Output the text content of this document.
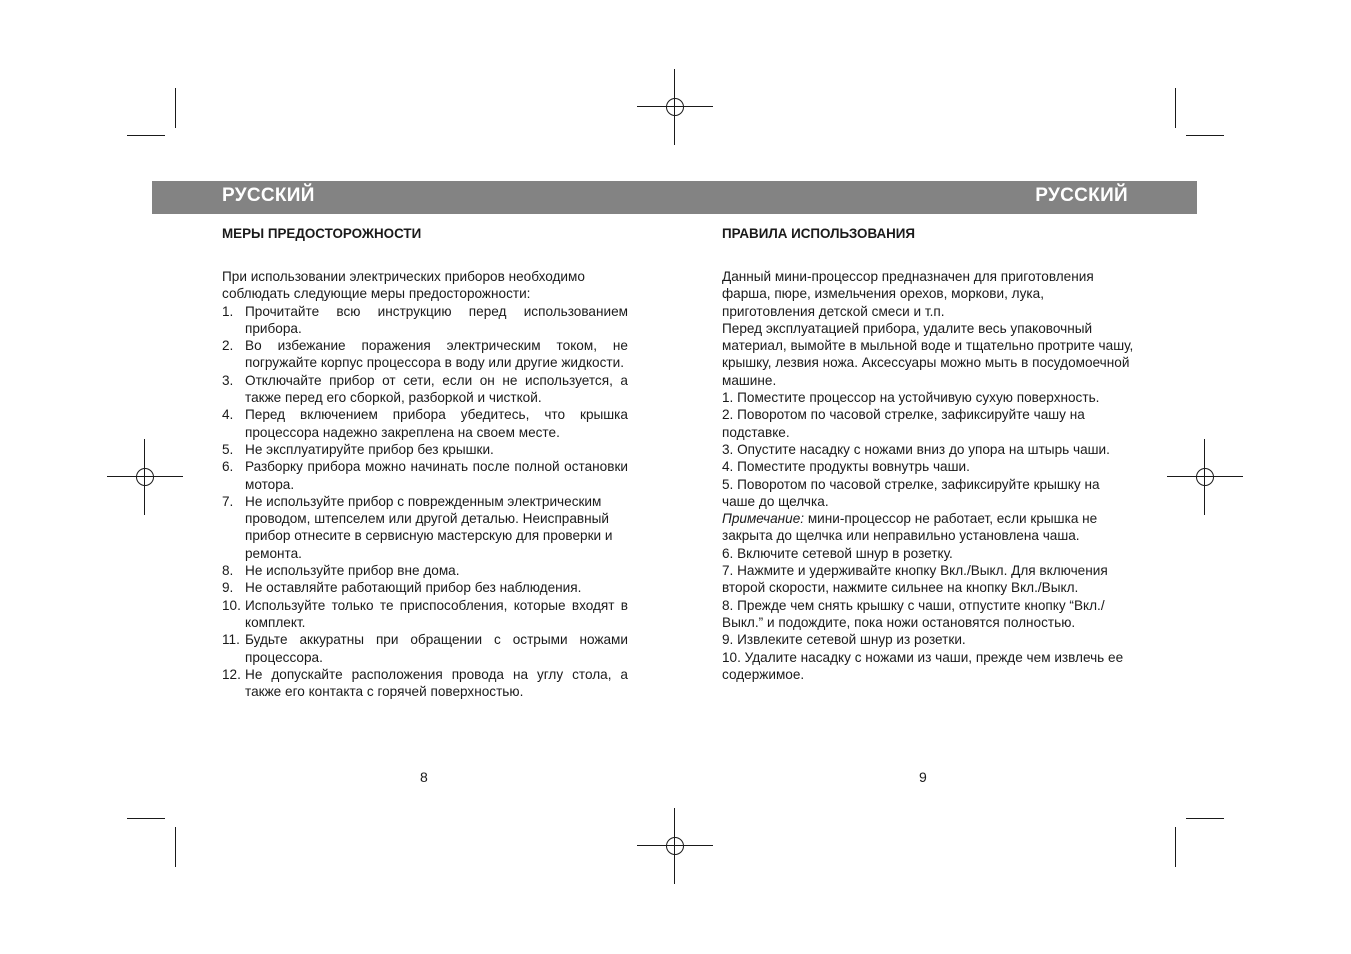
РУССКИЙ	РУССКИЙ
МЕРЫ ПРЕДОСТОРОЖНОСТИ

При использовании электрических приборов необходимо соблюдать следующие меры предосторожности:

1. Прочитайте всю инструкцию перед использованием прибора.
2. Во избежание поражения электрическим током, не погружайте корпус процессора в воду или другие жидкости.
3. Отключайте прибор от сети, если он не используется, а также перед его сборкой, разборкой и чисткой.
4. Перед включением прибора убедитесь, что крышка процессора надежно закреплена на своем месте.
5. Не эксплуатируйте прибор без крышки.
6. Разборку прибора можно начинать после полной остановки мотора.
7. Не используйте прибор с поврежденным электрическим проводом, штепселем или другой деталью. Неисправный прибор отнесите в сервисную мастерскую для проверки и ремонта.
8. Не используйте прибор вне дома.
9. Не оставляйте работающий прибор без наблюдения.
10. Используйте только те приспособления, которые входят в комплект.
11. Будьте аккуратны при обращении с острыми ножами процессора.
12. Не допускайте расположения провода на углу стола, а также его контакта с горячей поверхностью.
ПРАВИЛА ИСПОЛЬЗОВАНИЯ

Данный мини-процессор предназначен для приготовления фарша, пюре, измельчения орехов, моркови, лука, приготовления детской смеси и т.п.

Перед эксплуатацией прибора, удалите весь упаковочный материал, вымойте в мыльной воде и тщательно протрите чашу, крышку, лезвия ножа. Аксессуары можно мыть в посудомоечной машине.

1. Поместите процессор на устойчивую сухую поверхность.

2. Поворотом по часовой стрелке, зафиксируйте чашу на подставке.

3. Опустите насадку с ножами вниз до упора на штырь чаши.

4. Поместите продукты вовнутрь чаши.

5. Поворотом по часовой стрелке, зафиксируйте крышку на чаше до щелчка.

Примечание: мини-процессор не работает, если крышка не закрыта до щелчка или неправильно установлена чаша.

6. Включите сетевой шнур в розетку.

7. Нажмите и удерживайте кнопку Вкл./Выкл. Для включения второй скорости, нажмите сильнее на кнопку Вкл./Выкл.

8. Прежде чем снять крышку с чаши, отпустите кнопку “Вкл./Выкл.” и подождите, пока ножи остановятся полностью.

9. Извлеките сетевой шнур из розетки.

10. Удалите насадку с ножами из чаши, прежде чем извлечь ее содержимое.

8	9
